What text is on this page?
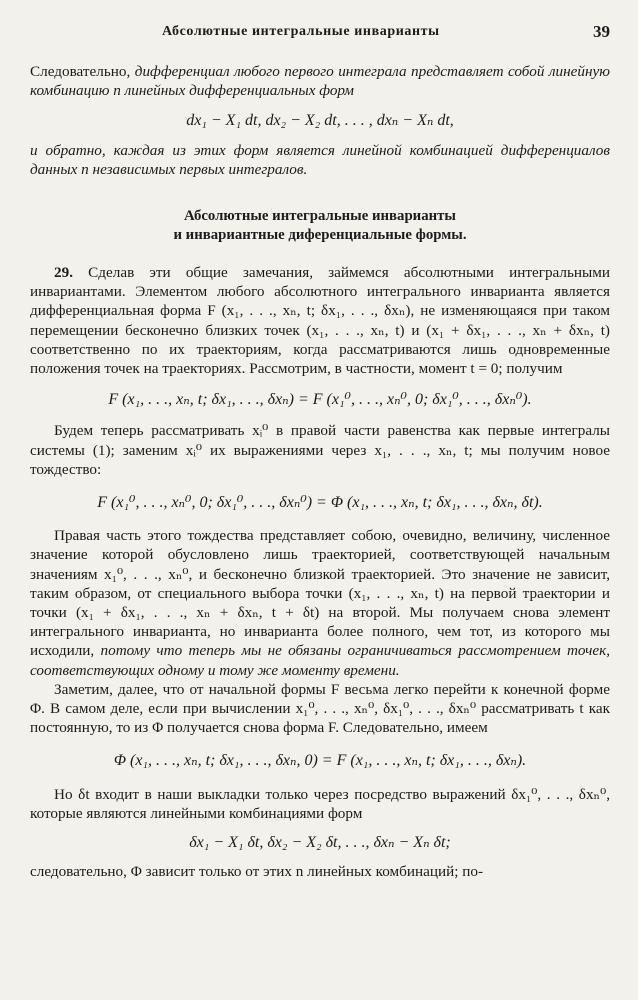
Абсолютные интегральные инварианты	39

Следовательно, дифференциал любого первого интеграла представляет собой линейную комбинацию n линейных дифференциальных форм

dx₁ − X₁ dt, dx₂ − X₂ dt, . . . , dxₙ − Xₙ dt,

и обратно, каждая из этих форм является линейной комбинацией дифференциалов данных n независимых первых интегралов.

Абсолютные интегральные инварианты

и инвариантные диференциальные формы.

29. Сделав эти общие замечания, займемся абсолютными интегральными инвариантами. Элементом любого абсолютного интегрального инварианта является дифференциальная форма F (x₁, . . ., xₙ, t; δx₁, . . ., δxₙ), не изменяющаяся при таком перемещении бесконечно близких точек (x₁, . . ., xₙ, t) и (x₁ + δx₁, . . ., xₙ + δxₙ, t) соответственно по их траекториям, когда рассматриваются лишь одновременные положения точек на траекториях. Рассмотрим, в частности, момент t = 0; получим

F (x₁, . . ., xₙ, t; δx₁, . . ., δxₙ) = F (x₁⁰, . . ., xₙ⁰, 0; δx₁⁰, . . ., δxₙ⁰).

Будем теперь рассматривать xᵢ⁰ в правой части равенства как первые интегралы системы (1); заменим xᵢ⁰ их выражениями через x₁, . . ., xₙ, t; мы получим новое тождество:

F (x₁⁰, . . ., xₙ⁰, 0; δx₁⁰, . . ., δxₙ⁰) = Φ (x₁, . . ., xₙ, t; δx₁, . . ., δxₙ, δt).

Правая часть этого тождества представляет собою, очевидно, величину, численное значение которой обусловлено лишь траекторией, соответствующей начальным значениям x₁⁰, . . ., xₙ⁰, и бесконечно близкой траекторией. Это значение не зависит, таким образом, от специального выбора точки (x₁, . . ., xₙ, t) на первой траектории и точки (x₁ + δx₁, . . ., xₙ + δxₙ, t + δt) на второй. Мы получаем снова элемент интегрального инварианта, но инварианта более полного, чем тот, из которого мы исходили, потому что теперь мы не обязаны ограничиваться рассмотрением точек, соответствующих одному и тому же моменту времени.

Заметим, далее, что от начальной формы F весьма легко перейти к конечной форме Φ. В самом деле, если при вычислении x₁⁰, . . ., xₙ⁰, δx₁⁰, . . ., δxₙ⁰ рассматривать t как постоянную, то из Φ получается снова форма F. Следовательно, имеем

Φ (x₁, . . ., xₙ, t; δx₁, . . ., δxₙ, 0) = F (x₁, . . ., xₙ, t; δx₁, . . ., δxₙ).

Но δt входит в наши выкладки только через посредство выражений δx₁⁰, . . ., δxₙ⁰, которые являются линейными комбинациями форм

δx₁ − X₁ δt, δx₂ − X₂ δt, . . ., δxₙ − Xₙ δt;

следовательно, Φ зависит только от этих n линейных комбинаций; по-
